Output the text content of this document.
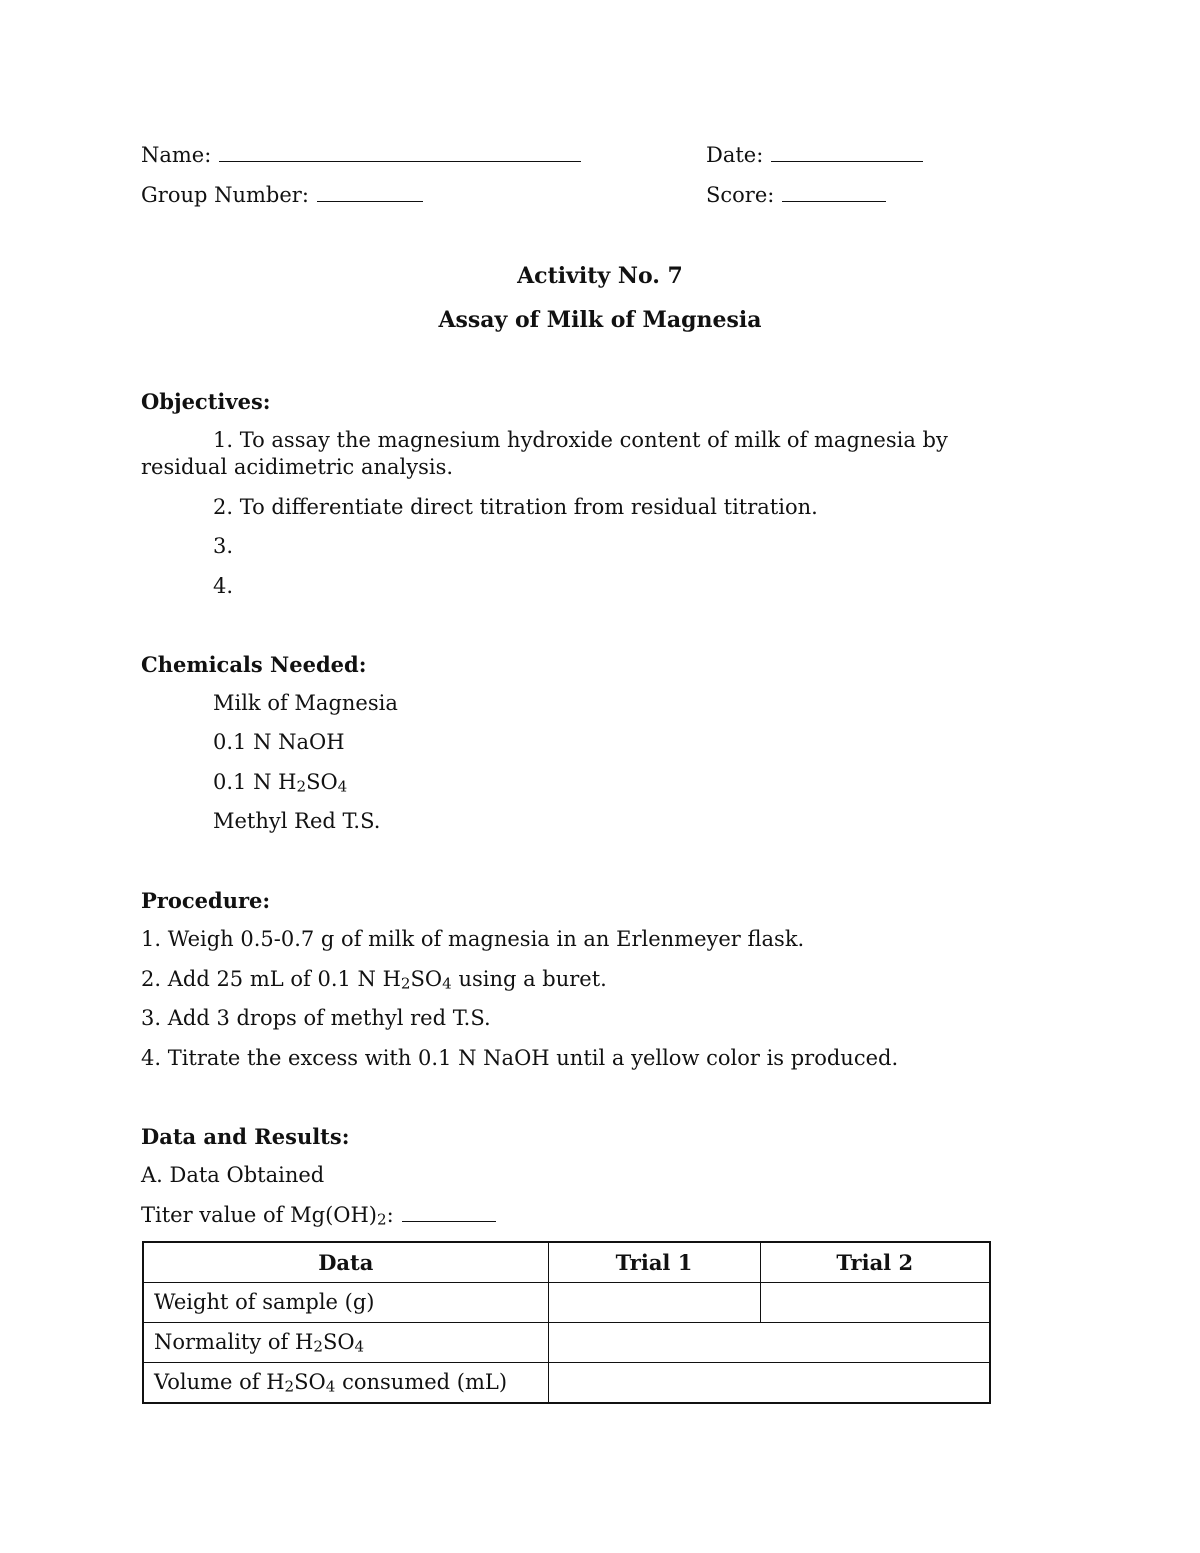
Name:	Date:
Group Number:	Score:
Activity No. 7
Assay of Milk of Magnesia
Objectives:
1. To assay the magnesium hydroxide content of milk of magnesia by
residual acidimetric analysis.
2. To differentiate direct titration from residual titration.
3.
4.
Chemicals Needed:
Milk of Magnesia
0.1 N NaOH
0.1 N $H_2SO_4$
Methyl Red T.S.
Procedure:
1. Weigh 0.5-0.7 g of milk of magnesia in an Erlenmeyer flask.
2. Add 25 mL of 0.1 N $H_2SO_4$ using a buret.
3. Add 3 drops of methyl red T.S.
4. Titrate the excess with 0.1 N NaOH until a yellow color is produced.
Data and Results:
A. Data Obtained
Titer value of $Mg(OH)_2$:
Data	Trial 1	Trial 2
Weight of sample (g)		
Normality of $H_2SO_4$	
Volume of $H_2SO_4$ consumed (mL)		
